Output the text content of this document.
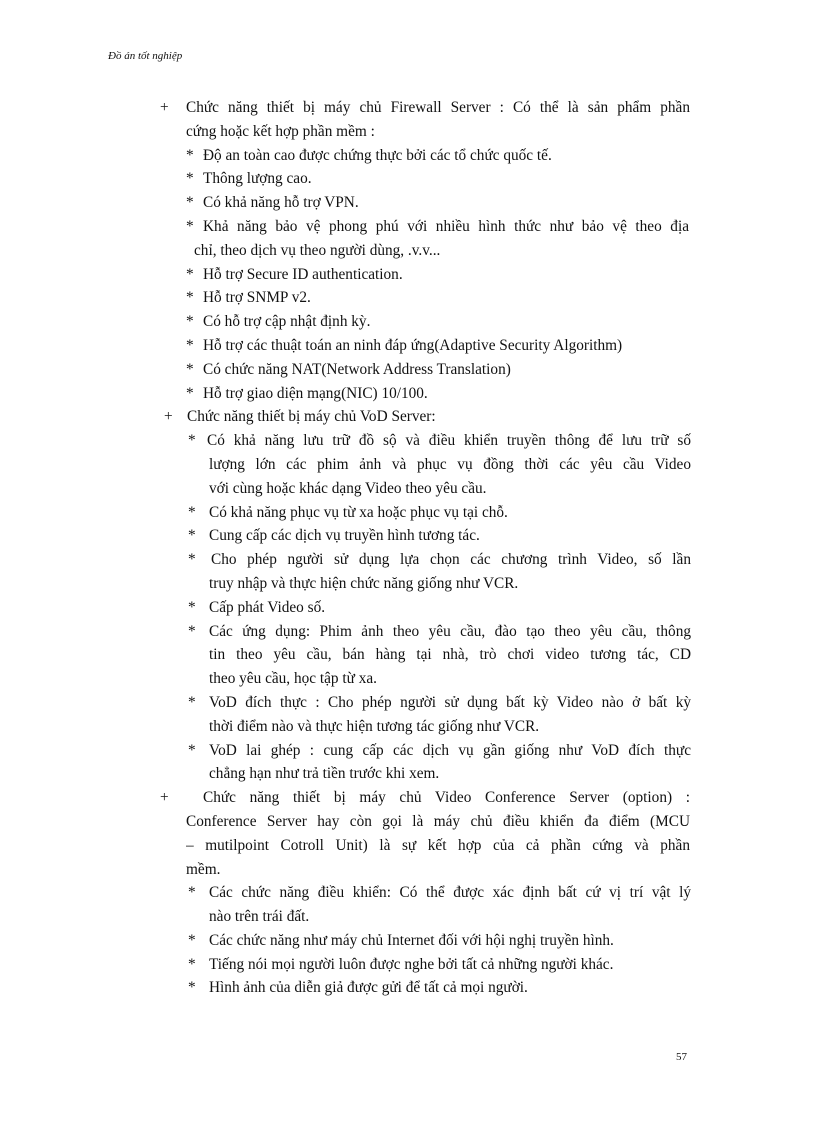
Đồ án tốt nghiệp
+ Chức năng thiết bị máy chủ Firewall Server : Có thể là sản phẩm phần
cứng hoặc kết hợp phần mềm :
* Độ an toàn cao được chứng thực bởi các tổ chức quốc tế.
* Thông lượng cao.
* Có khả năng hỗ trợ VPN.
* Khả năng bảo vệ phong phú với nhiều hình thức như bảo vệ theo địa
chỉ, theo dịch vụ theo người dùng, .v.v...
* Hỗ trợ Secure ID authentication.
* Hỗ trợ SNMP v2.
* Có hỗ trợ cập nhật định kỳ.
* Hỗ trợ các thuật toán an ninh đáp ứng(Adaptive Security Algorithm)
* Có chức năng NAT(Network Address Translation)
* Hỗ trợ giao diện mạng(NIC) 10/100.
+ Chức năng thiết bị máy chủ VoD Server:
* Có khả năng lưu trữ đồ sộ và điều khiển truyền thông để lưu trữ số
lượng lớn các phim ảnh và phục vụ đồng thời các yêu cầu Video
với cùng hoặc khác dạng Video theo yêu cầu.
* Có khả năng phục vụ từ xa hoặc phục vụ tại chỗ.
* Cung cấp các dịch vụ truyền hình tương tác.
* Cho phép người sử dụng lựa chọn các chương trình Video, số lần
truy nhập và thực hiện chức năng giống như VCR.
* Cấp phát Video số.
* Các ứng dụng: Phim ảnh theo yêu cầu, đào tạo theo yêu cầu, thông
tin theo yêu cầu, bán hàng tại nhà, trò chơi video tương tác, CD
theo yêu cầu, học tập từ xa.
* VoD đích thực : Cho phép người sử dụng bất kỳ Video nào ở bất kỳ
thời điểm nào và thực hiện tương tác giống như VCR.
* VoD lai ghép : cung cấp các dịch vụ gần giống như VoD đích thực
chẳng hạn như trả tiền trước khi xem.
+ Chức năng thiết bị máy chủ Video Conference Server (option) :
Conference Server hay còn gọi là máy chủ điều khiển đa điểm (MCU
– mutilpoint Cotroll Unit) là sự kết hợp của cả phần cứng và phần
mềm.
* Các chức năng điều khiển: Có thể được xác định bất cứ vị trí vật lý
nào trên trái đất.
* Các chức năng như máy chủ Internet đối với hội nghị truyền hình.
* Tiếng nói mọi người luôn được nghe bởi tất cả những người khác.
* Hình ảnh của diễn giả được gửi để tất cả mọi người.
57
